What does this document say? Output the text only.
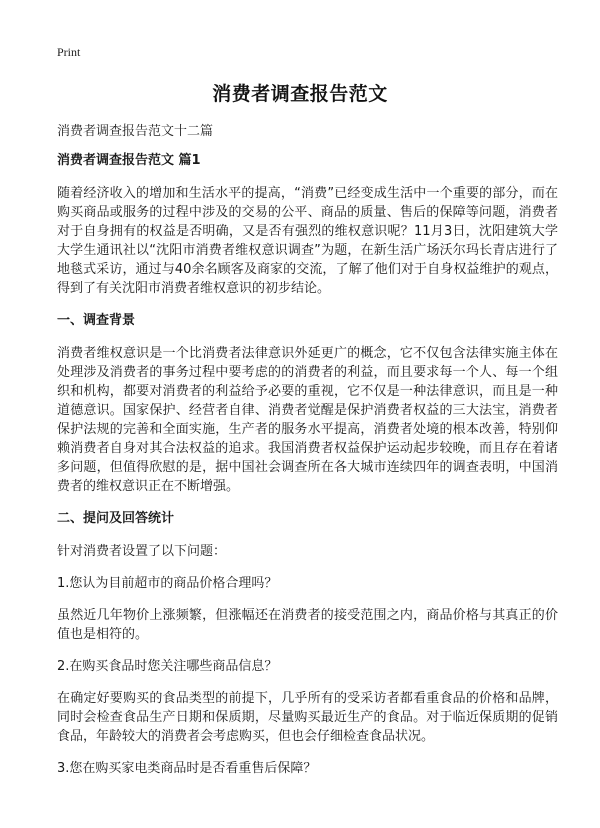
Print
消费者调查报告范文
消费者调查报告范文十二篇
消费者调查报告范文 篇1

随着经济收入的增加和生活水平的提高，“消费”已经变成生活中一个重要的部分，而在购买商品或服务的过程中涉及的交易的公平、商品的质量、售后的保障等问题，消费者对于自身拥有的权益是否明确，又是否有强烈的维权意识呢？11月3日，沈阳建筑大学大学生通讯社以“沈阳市消费者维权意识调查”为题，在新生活广场沃尔玛长青店进行了地毯式采访，通过与40余名顾客及商家的交流，了解了他们对于自身权益维护的观点，得到了有关沈阳市消费者维权意识的初步结论。

一、调查背景

消费者维权意识是一个比消费者法律意识外延更广的概念，它不仅包含法律实施主体在处理涉及消费者的事务过程中要考虑的的消费者的利益，而且要求每一个人、每一个组织和机构，都要对消费者的利益给予必要的重视，它不仅是一种法律意识，而且是一种道德意识。国家保护、经营者自律、消费者觉醒是保护消费者权益的三大法宝，消费者保护法规的完善和全面实施，生产者的服务水平提高，消费者处境的根本改善，特别仰赖消费者自身对其合法权益的追求。我国消费者权益保护运动起步较晚，而且存在着诸多问题，但值得欣慰的是，据中国社会调查所在各大城市连续四年的调查表明，中国消费者的维权意识正在不断增强。

二、提问及回答统计

针对消费者设置了以下问题：

1.您认为目前超市的商品价格合理吗？

虽然近几年物价上涨频繁，但涨幅还在消费者的接受范围之内，商品价格与其真正的价值也是相符的。

2.在购买食品时您关注哪些商品信息？

在确定好要购买的食品类型的前提下，几乎所有的受采访者都看重食品的价格和品牌，同时会检查食品生产日期和保质期，尽量购买最近生产的食品。对于临近保质期的促销食品，年龄较大的消费者会考虑购买，但也会仔细检查食品状况。

3.您在购买家电类商品时是否看重售后保障？
